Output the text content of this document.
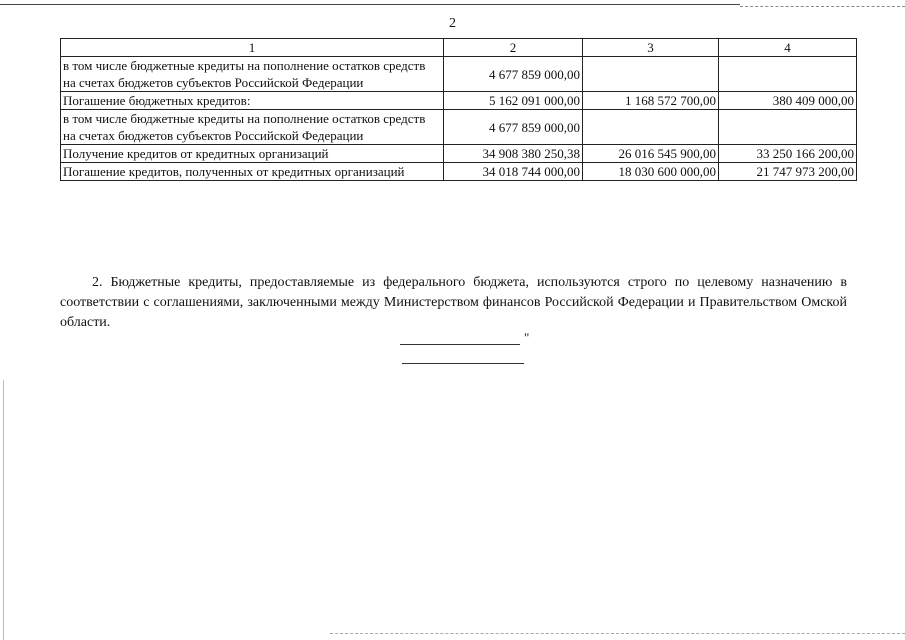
2
1	2	3	4
в том числе бюджетные кредиты на пополнение остатков средств на счетах бюджетов субъектов Российской Федерации	4 677 859 000,00		
Погашение бюджетных кредитов:	5 162 091 000,00	1 168 572 700,00	380 409 000,00
в том числе бюджетные кредиты на пополнение остатков средств на счетах бюджетов субъектов Российской Федерации	4 677 859 000,00		
Получение кредитов от кредитных организаций	34 908 380 250,38	26 016 545 900,00	33 250 166 200,00
Погашение кредитов, полученных от кредитных организаций	34 018 744 000,00	18 030 600 000,00	21 747 973 200,00
2. Бюджетные кредиты, предоставляемые из федерального бюджета, используются строго по целевому назначению в соответствии с соглашениями, заключенными между Министерством финансов Российской Федерации и Правительством Омской области.
"
